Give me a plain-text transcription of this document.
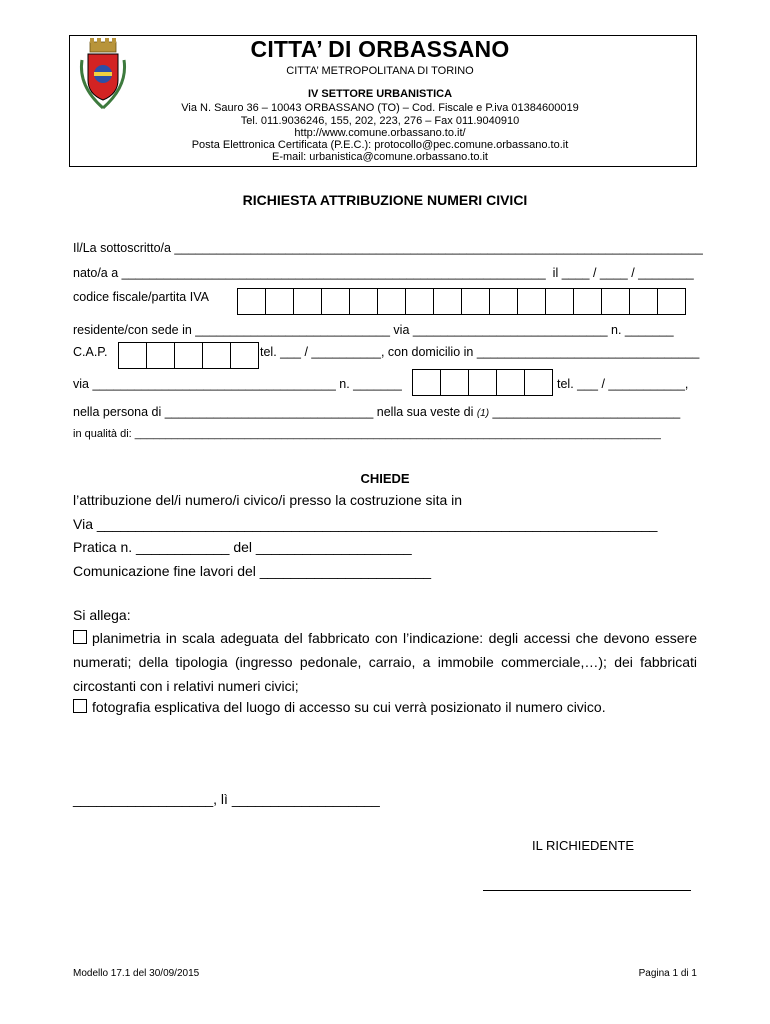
CITTA’ DI ORBASSANO
CITTA’ METROPOLITANA DI TORINO
IV SETTORE URBANISTICA
Via N. Sauro 36 – 10043 ORBASSANO (TO) – Cod. Fiscale e P.iva 01384600019
Tel. 011.9036246, 155, 202, 223, 276 – Fax 011.9040910
http://www.comune.orbassano.to.it/
Posta Elettronica Certificata (P.E.C.): protocollo@pec.comune.orbassano.to.it
E-mail: urbanistica@comune.orbassano.to.it
RICHIESTA ATTRIBUZIONE NUMERI CIVICI
Il/La sottoscritto/a ____________________________________________________________________________
nato/a a _____________________________________________________________  il ____ / ____ / ________
codice fiscale/partita IVA
residente/con sede in ____________________________ via ____________________________ n. _______
C.A.P.	tel. ___ / __________, con domicilio in ________________________________
via ___________________________________ n. _______	tel. ___ / ___________,
nella persona di ______________________________ nella sua veste di (1) ___________________________
in qualità di: ______________________________________________________________________________________
CHIEDE
l’attribuzione del/i numero/i civico/i presso la costruzione sita in
Via ________________________________________________________________________
Pratica n. ____________ del ____________________
Comunicazione fine lavori del ______________________
Si allega:
planimetria in scala adeguata del fabbricato con l’indicazione: degli accessi che devono essere numerati; della tipologia (ingresso pedonale, carraio, a immobile commerciale,…); dei fabbricati circostanti con i relativi numeri civici;
fotografia esplicativa del luogo di accesso su cui verrà posizionato il numero civico.
__________________, lì ___________________
IL RICHIEDENTE
Modello 17.1 del 30/09/2015	Pagina 1 di 1
